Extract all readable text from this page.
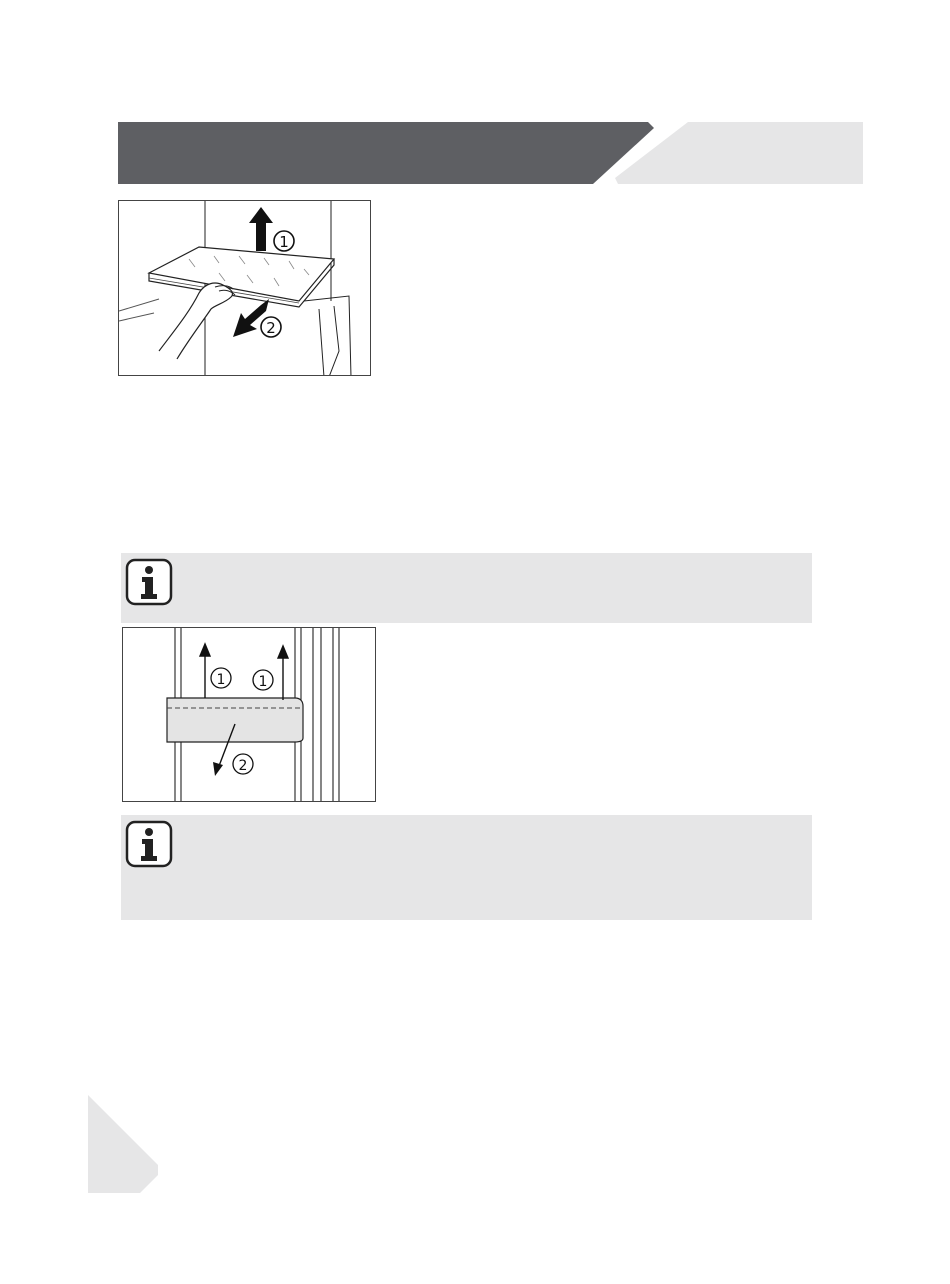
1
2
1 1
2
